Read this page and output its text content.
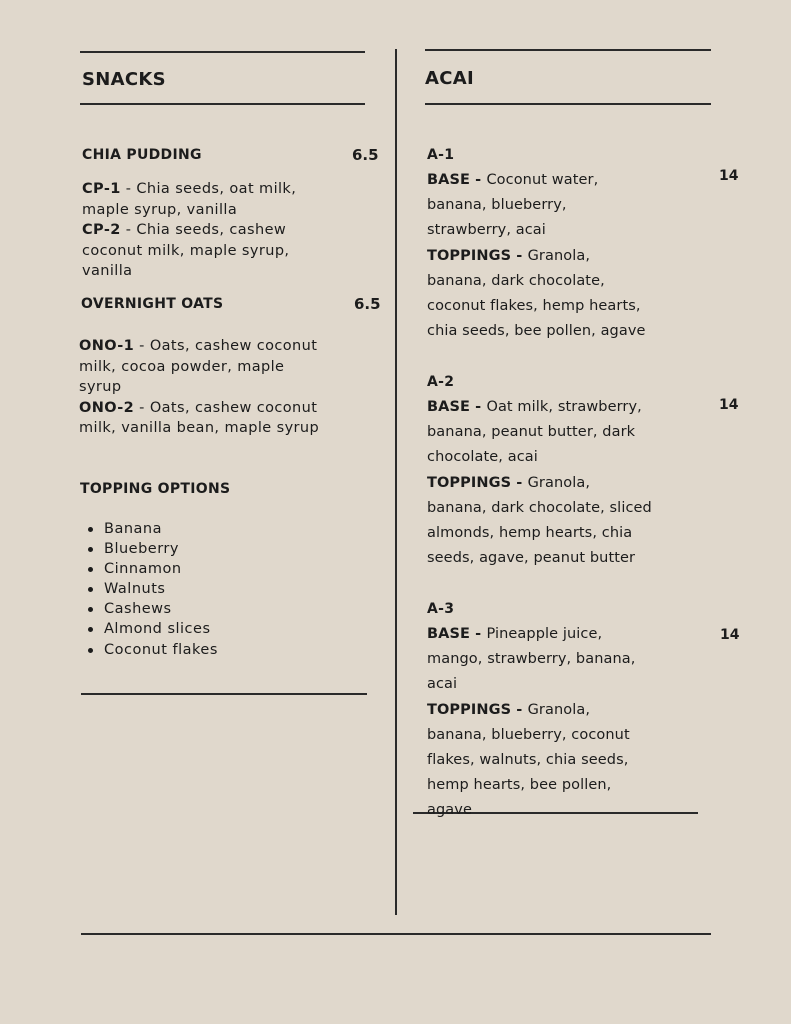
SNACKS
CHIA PUDDING	6.5
CP-1 - Chia seeds, oat milk, maple syrup, vanilla
CP-2 - Chia seeds, cashew coconut milk, maple syrup, vanilla
OVERNIGHT OATS	6.5
ONO-1 - Oats, cashew coconut milk, cocoa powder, maple syrup
ONO-2 - Oats, cashew coconut milk, vanilla bean, maple syrup
TOPPING OPTIONS
Banana
Blueberry
Cinnamon
Walnuts
Cashews
Almond slices
Coconut flakes
ACAI
A-1
14
BASE - Coconut water, banana, blueberry, strawberry, acai
TOPPINGS - Granola, banana, dark chocolate, coconut flakes, hemp hearts, chia seeds, bee pollen, agave
A-2
14
BASE - Oat milk, strawberry, banana, peanut butter, dark chocolate, acai
TOPPINGS - Granola, banana, dark chocolate, sliced almonds, hemp hearts, chia seeds, agave, peanut butter
A-3
14
BASE - Pineapple juice, mango, strawberry, banana, acai
TOPPINGS - Granola, banana, blueberry, coconut flakes, walnuts, chia seeds, hemp hearts, bee pollen, agave
